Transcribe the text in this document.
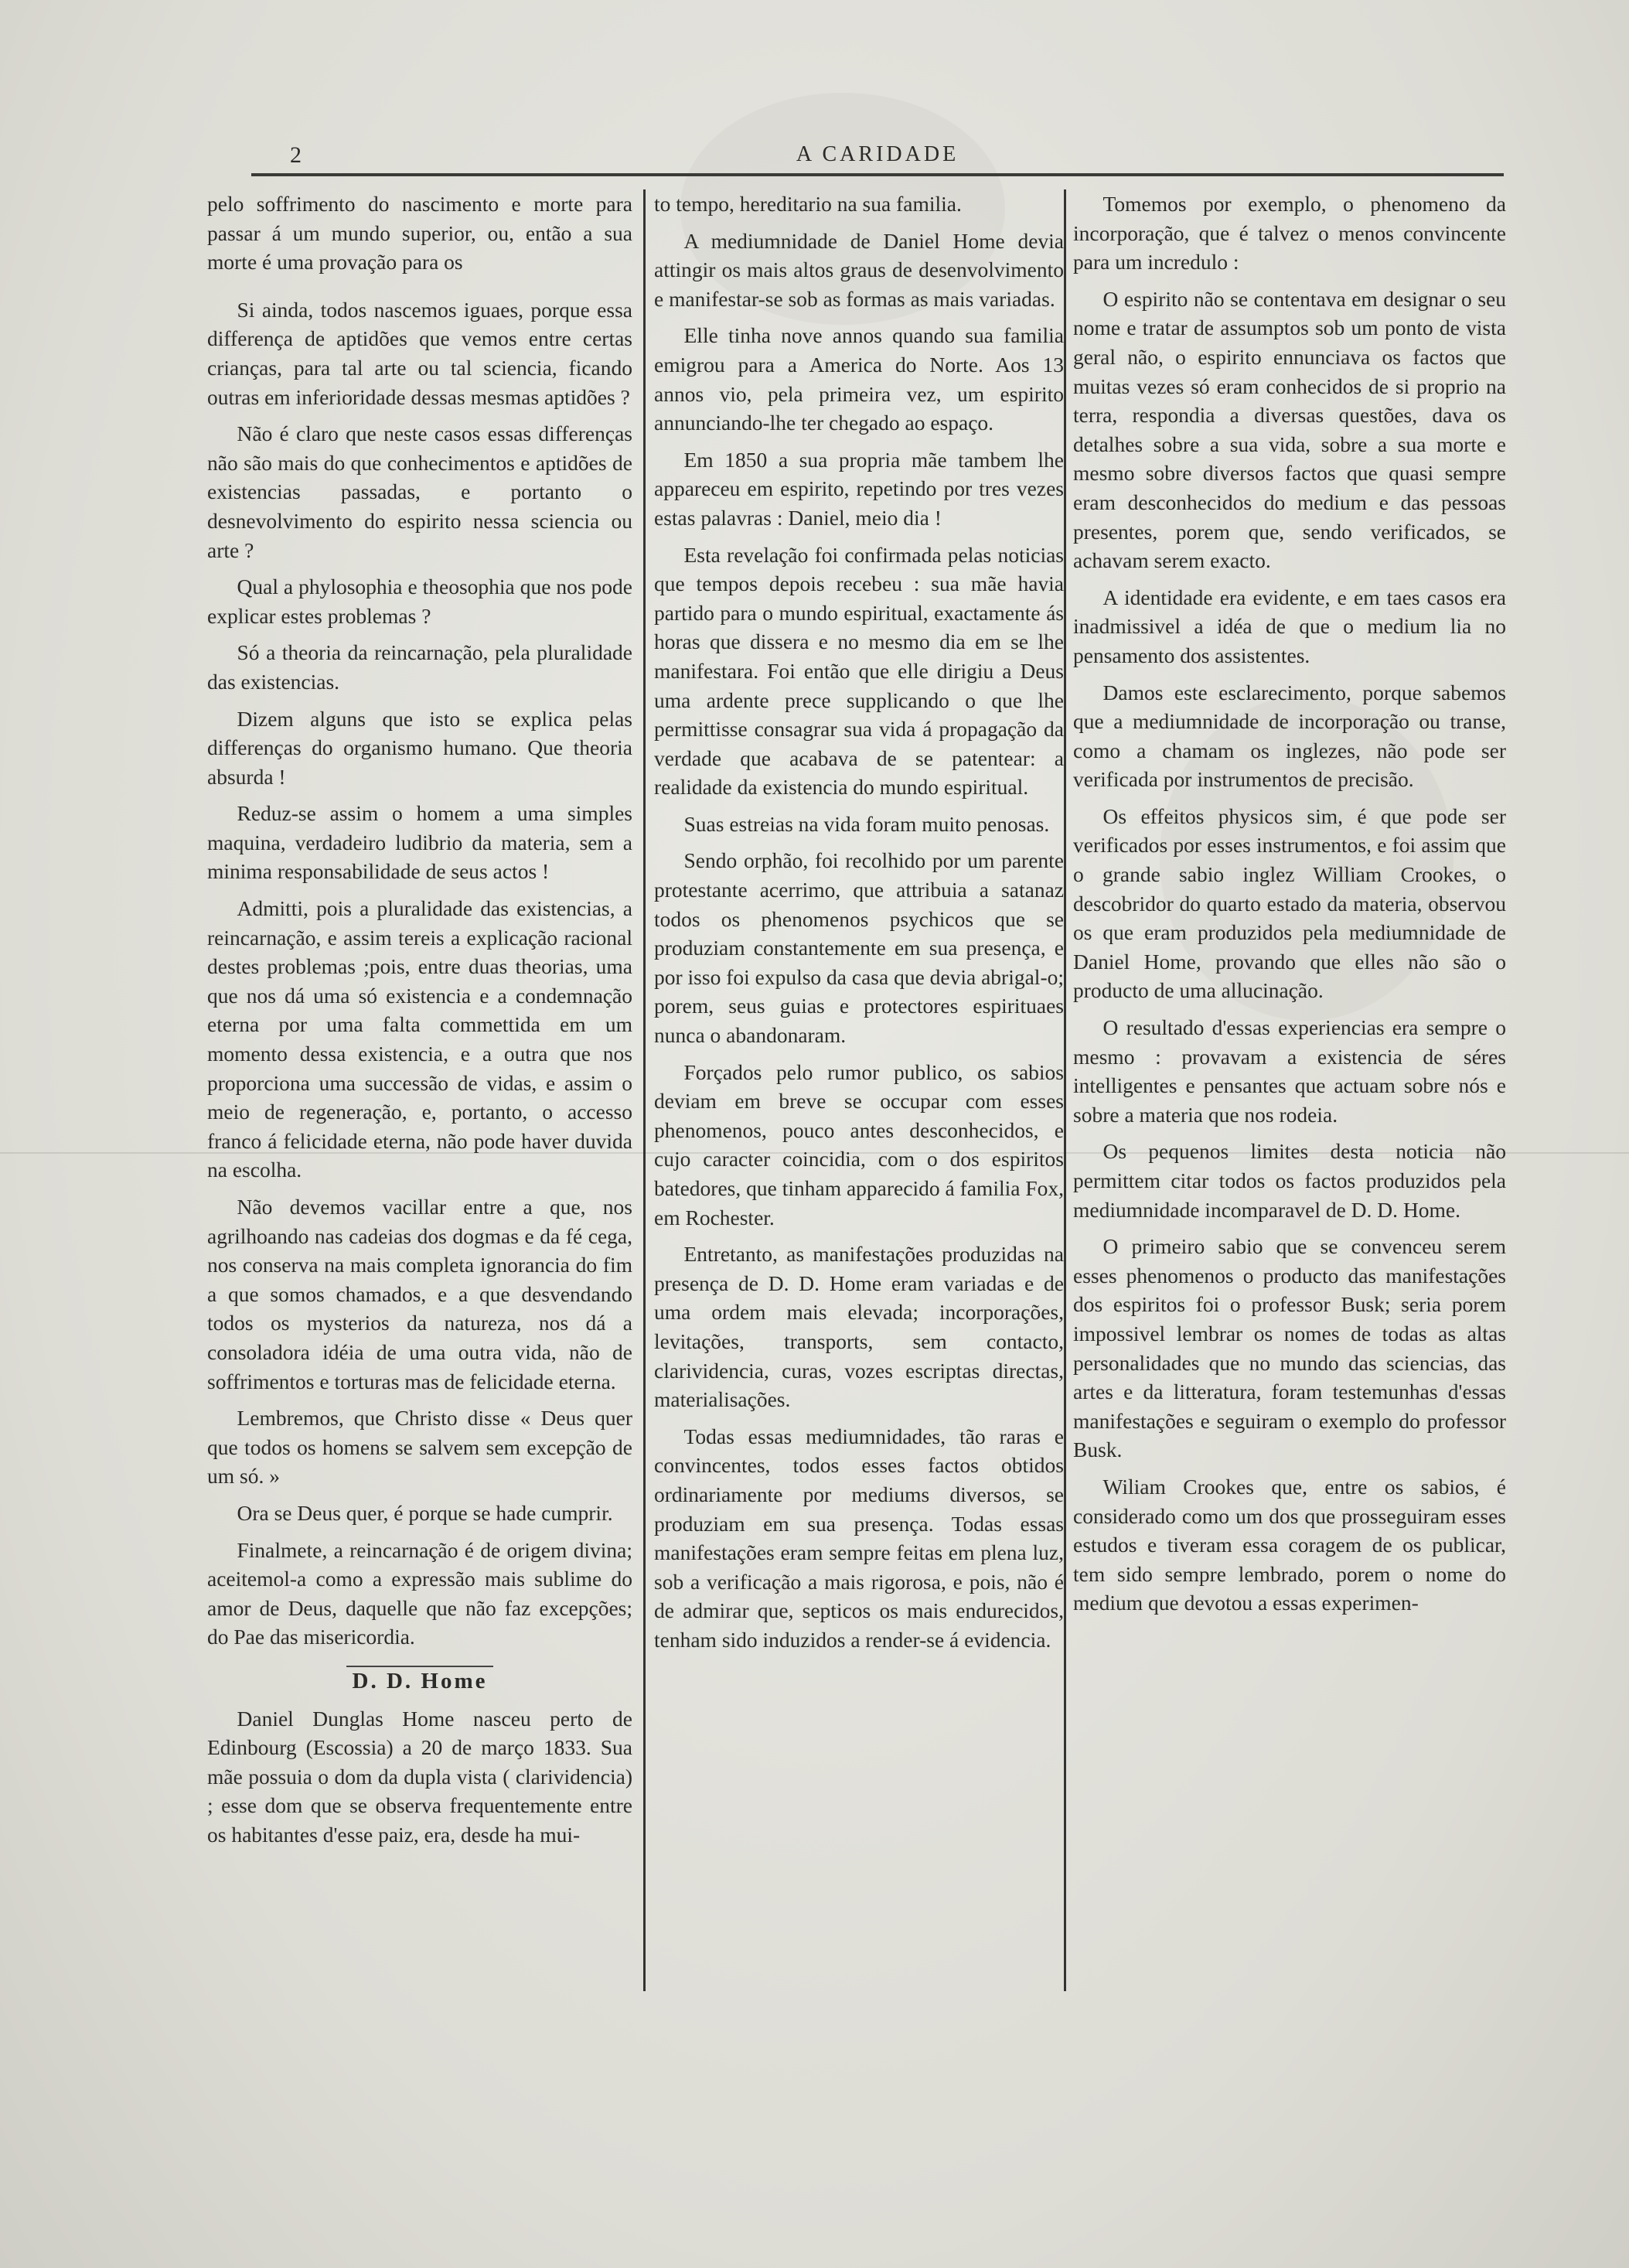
2	A CARIDADE

pelo soffrimento do nascimento e morte para passar á um mundo superior, ou, então a sua morte é uma provação para os

Si ainda, todos nascemos iguaes, porque essa differença de aptidões que vemos entre certas crianças, para tal arte ou tal sciencia, ficando outras em inferioridade dessas mesmas aptidões ?

Não é claro que neste casos essas differenças não são mais do que conhecimentos e aptidões de existencias passadas, e portanto o desnevolvimento do espirito nessa sciencia ou arte ?

Qual a phylosophia e theosophia que nos pode explicar estes problemas ?

Só a theoria da reincarnação, pela pluralidade das existencias.

Dizem alguns que isto se explica pelas differenças do organismo humano. Que theoria absurda !

Reduz-se assim o homem a uma simples maquina, verdadeiro ludibrio da materia, sem a minima responsabilidade de seus actos !

Admitti, pois a pluralidade das existencias, a reincarnação, e assim tereis a explicação racional destes problemas ;pois, entre duas theorias, uma que nos dá uma só existencia e a condemnação eterna por uma falta commettida em um momento dessa existencia, e a outra que nos proporciona uma successão de vidas, e assim o meio de regeneração, e, portanto, o accesso franco á felicidade eterna, não pode haver duvida na escolha.

Não devemos vacillar entre a que, nos agrilhoando nas cadeias dos dogmas e da fé cega, nos conserva na mais completa ignorancia do fim a que somos chamados, e a que desvendando todos os mysterios da natureza, nos dá a consoladora idéia de uma outra vida, não de soffrimentos e torturas mas de felicidade eterna.

Lembremos, que Christo disse « Deus quer que todos os homens se salvem sem excepção de um só. »

Ora se Deus quer, é porque se hade cumprir.

Finalmete, a reincarnação é de origem divina; aceitemol-a como a expressão mais sublime do amor de Deus, daquelle que não faz excepções; do Pae das misericordia.

D. D. Home

Daniel Dunglas Home nasceu perto de Edinbourg (Escossia) a 20 de março 1833. Sua mãe possuia o dom da dupla vista ( clarividencia) ; esse dom que se observa frequentemente entre os habitantes d'esse paiz, era, desde ha mui-

to tempo, hereditario na sua familia.

A mediumnidade de Daniel Home devia attingir os mais altos graus de desenvolvimento e manifestar-se sob as formas as mais variadas.

Elle tinha nove annos quando sua familia emigrou para a America do Norte. Aos 13 annos vio, pela primeira vez, um espirito annunciando-lhe ter chegado ao espaço.

Em 1850 a sua propria mãe tambem lhe appareceu em espirito, repetindo por tres vezes estas palavras : Daniel, meio dia !

Esta revelação foi confirmada pelas noticias que tempos depois recebeu : sua mãe havia partido para o mundo espiritual, exactamente ás horas que dissera e no mesmo dia em se lhe manifestara. Foi então que elle dirigiu a Deus uma ardente prece supplicando o que lhe permittisse consagrar sua vida á propagação da verdade que acabava de se patentear: a realidade da existencia do mundo espiritual.

Suas estreias na vida foram muito penosas.

Sendo orphão, foi recolhido por um parente protestante acerrimo, que attribuia a satanaz todos os phenomenos psychicos que se produziam constantemente em sua presença, e por isso foi expulso da casa que devia abrigal-o; porem, seus guias e protectores espirituaes nunca o abandonaram.

Forçados pelo rumor publico, os sabios deviam em breve se occupar com esses phenomenos, pouco antes desconhecidos, e cujo caracter coincidia, com o dos espiritos batedores, que tinham apparecido á familia Fox, em Rochester.

Entretanto, as manifestações produzidas na presença de D. D. Home eram variadas e de uma ordem mais elevada; incorporações, levitações, transports, sem contacto, clarividencia, curas, vozes escriptas directas, materialisações.

Todas essas mediumnidades, tão raras e convincentes, todos esses factos obtidos ordinariamente por mediums diversos, se produziam em sua presença. Todas essas manifestações eram sempre feitas em plena luz, sob a verificação a mais rigorosa, e pois, não é de admirar que, septicos os mais endurecidos, tenham sido induzidos a render-se á evidencia.

Tomemos por exemplo, o phenomeno da incorporação, que é talvez o menos convincente para um incredulo :

O espirito não se contentava em designar o seu nome e tratar de assumptos sob um ponto de vista geral não, o espirito ennunciava os factos que muitas vezes só eram conhecidos de si proprio na terra, respondia a diversas questões, dava os detalhes sobre a sua vida, sobre a sua morte e mesmo sobre diversos factos que quasi sempre eram desconhecidos do medium e das pessoas presentes, porem que, sendo verificados, se achavam serem exacto.

A identidade era evidente, e em taes casos era inadmissivel a idéa de que o medium lia no pensamento dos assistentes.

Damos este esclarecimento, porque sabemos que a mediumnidade de incorporação ou transe, como a chamam os inglezes, não pode ser verificada por instrumentos de precisão.

Os effeitos physicos sim, é que pode ser verificados por esses instrumentos, e foi assim que o grande sabio inglez William Crookes, o descobridor do quarto estado da materia, observou os que eram produzidos pela mediumnidade de Daniel Home, provando que elles não são o producto de uma allucinação.

O resultado d'essas experiencias era sempre o mesmo : provavam a existencia de séres intelligentes e pensantes que actuam sobre nós e sobre a materia que nos rodeia.

Os pequenos limites desta noticia não permittem citar todos os factos produzidos pela mediumnidade incomparavel de D. D. Home.

O primeiro sabio que se convenceu serem esses phenomenos o producto das manifestações dos espiritos foi o professor Busk; seria porem impossivel lembrar os nomes de todas as altas personalidades que no mundo das sciencias, das artes e da litteratura, foram testemunhas d'essas manifestações e seguiram o exemplo do professor Busk.

Wiliam Crookes que, entre os sabios, é considerado como um dos que prosseguiram esses estudos e tiveram essa coragem de os publicar, tem sido sempre lembrado, porem o nome do medium que devotou a essas experimen-
